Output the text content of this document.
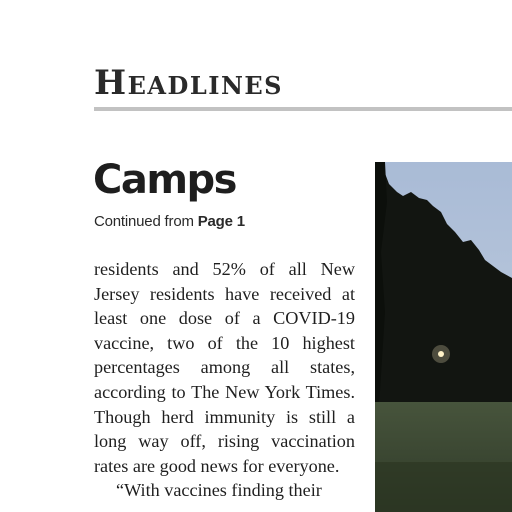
Headlines
Camps
Continued from Page 1

residents and 52% of all New Jersey residents have received at least one dose of a COVID-19 vaccine, two of the 10 highest percentages among all states, according to The New York Times. Though herd immunity is still a long way off, rising vaccination rates are good news for everyone.

“With vaccines finding their
